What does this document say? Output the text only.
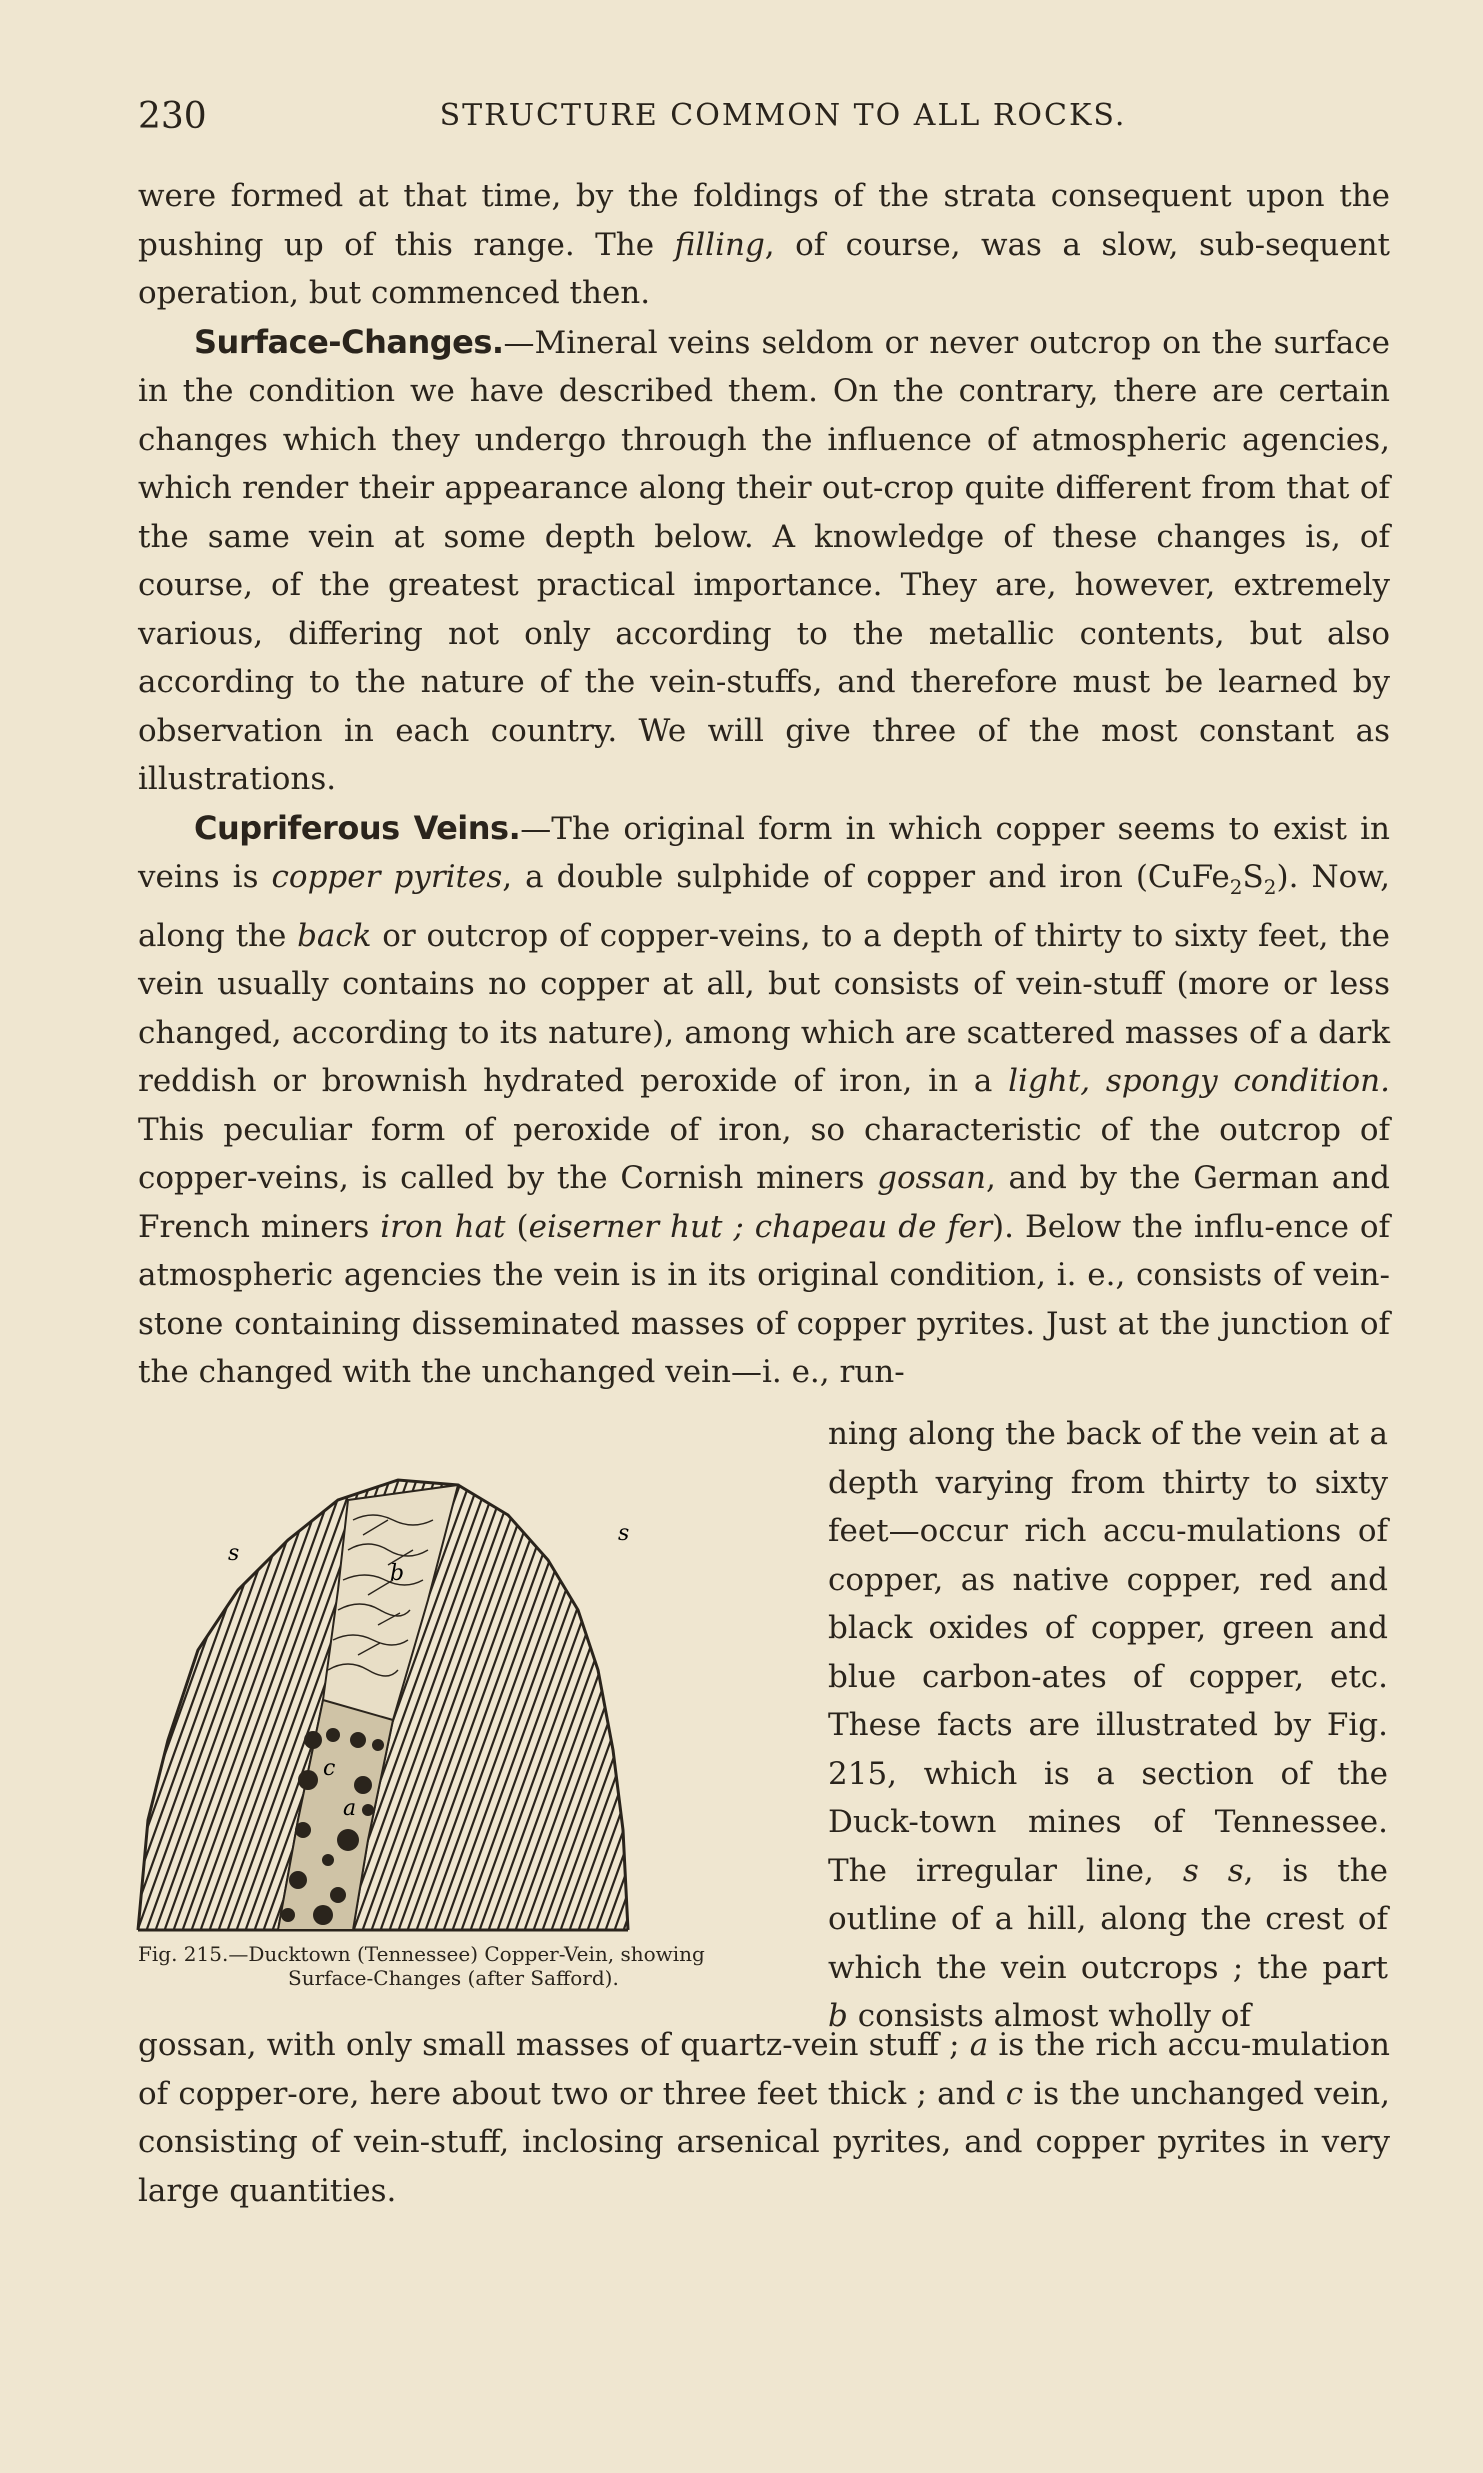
230	STRUCTURE COMMON TO ALL ROCKS.

were formed at that time, by the foldings of the strata consequent upon the pushing up of this range. The filling, of course, was a slow, sub-sequent operation, but commenced then.

Surface-Changes.—Mineral veins seldom or never outcrop on the surface in the condition we have described them. On the contrary, there are certain changes which they undergo through the influence of atmospheric agencies, which render their appearance along their out-crop quite different from that of the same vein at some depth below. A knowledge of these changes is, of course, of the greatest practical importance. They are, however, extremely various, differing not only according to the metallic contents, but also according to the nature of the vein-stuffs, and therefore must be learned by observation in each country. We will give three of the most constant as illustrations.

Cupriferous Veins.—The original form in which copper seems to exist in veins is copper pyrites, a double sulphide of copper and iron $(CuFe_2S_2)$. Now, along the back or outcrop of copper-veins, to a depth of thirty to sixty feet, the vein usually contains no copper at all, but consists of vein-stuff (more or less changed, according to its nature), among which are scattered masses of a dark reddish or brownish hydrated peroxide of iron, in a light, spongy condition. This peculiar form of peroxide of iron, so characteristic of the outcrop of copper-veins, is called by the Cornish miners gossan, and by the German and French miners iron hat (eiserner hut ; chapeau de fer). Below the influ-ence of atmospheric agencies the vein is in its original condition, i. e., consists of vein-stone containing disseminated masses of copper pyrites. Just at the junction of the changed with the unchanged vein—i. e., run-

s
s
b
a
c
Fig. 215.—Ducktown (Tennessee) Copper-Vein, showing
Surface-Changes (after Safford).

ning along the back of the vein at a depth varying from thirty to sixty feet—occur rich accu-mulations of copper, as native copper, red and black oxides of copper, green and blue carbon-ates of copper, etc. These facts are illustrated by Fig. 215, which is a section of the Duck-town mines of Tennessee. The irregular line, s s, is the outline of a hill, along the crest of which the vein outcrops ; the part b consists almost wholly of

gossan, with only small masses of quartz-vein stuff ; a is the rich accu-mulation of copper-ore, here about two or three feet thick ; and c is the unchanged vein, consisting of vein-stuff, inclosing arsenical pyrites, and copper pyrites in very large quantities.
